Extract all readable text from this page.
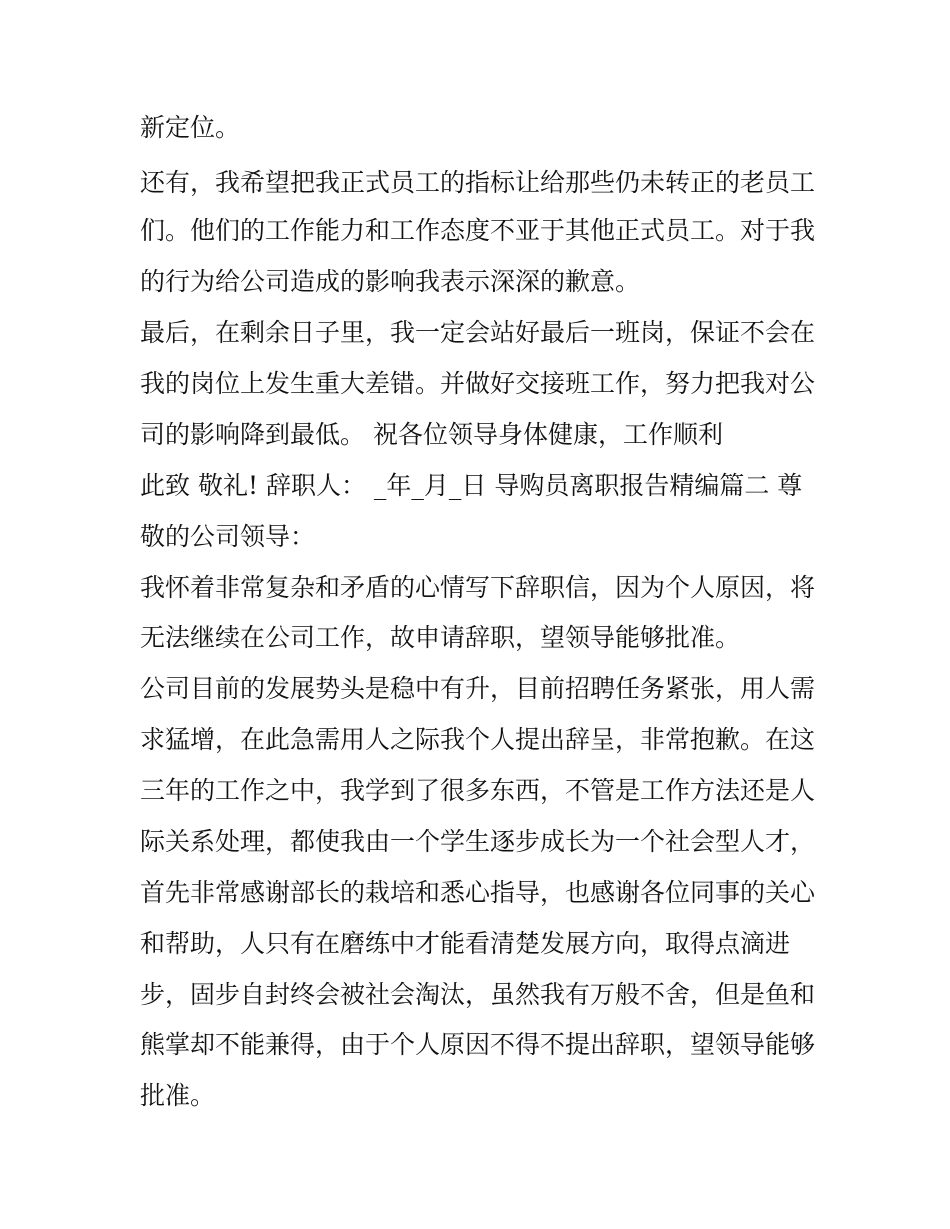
新定位。

还有，我希望把我正式员工的指标让给那些仍未转正的老员工

们。他们的工作能力和工作态度不亚于其他正式员工。对于我

的行为给公司造成的影响我表示深深的歉意。

最后，在剩余日子里，我一定会站好最后一班岗，保证不会在

我的岗位上发生重大差错。并做好交接班工作，努力把我对公

司的影响降到最低。 祝各位领导身体健康，工作顺利

此致 敬礼! 辞职人： _年_月_日 导购员离职报告精编篇二 尊

敬的公司领导：

我怀着非常复杂和矛盾的心情写下辞职信，因为个人原因，将

无法继续在公司工作，故申请辞职，望领导能够批准。

公司目前的发展势头是稳中有升，目前招聘任务紧张，用人需

求猛增，在此急需用人之际我个人提出辞呈，非常抱歉。在这

三年的工作之中，我学到了很多东西，不管是工作方法还是人

际关系处理，都使我由一个学生逐步成长为一个社会型人才，

首先非常感谢部长的栽培和悉心指导，也感谢各位同事的关心

和帮助，人只有在磨练中才能看清楚发展方向，取得点滴进

步，固步自封终会被社会淘汰，虽然我有万般不舍，但是鱼和

熊掌却不能兼得，由于个人原因不得不提出辞职，望领导能够

批准。
